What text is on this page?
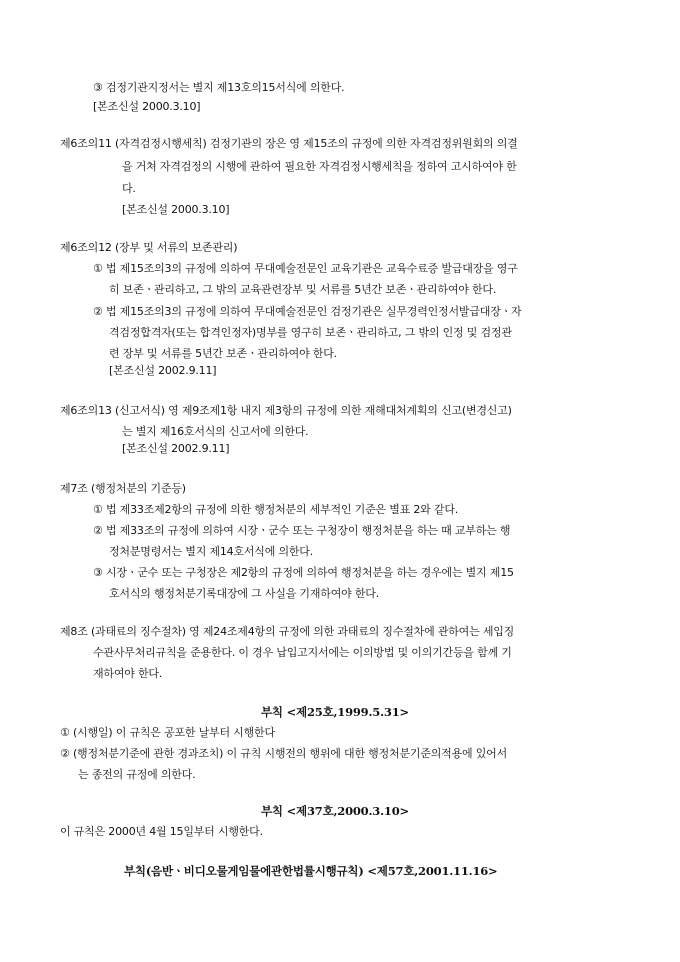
③ 검정기관지정서는 별지 제13호의15서식에 의한다.
[본조신설 2000.3.10]
제6조의11 (자격검정시행세칙) 검정기관의 장은 영 제15조의 규정에 의한 자격검정위원회의 의결
을 거쳐 자격검정의 시행에 관하여 필요한 자격검정시행세칙을 정하여 고시하여야 한
다.
[본조신설 2000.3.10]
제6조의12 (장부 및 서류의 보존관리)
① 법 제15조의3의 규정에 의하여 무대예술전문인 교육기관은 교육수료증 발급대장을 영구
히 보존ㆍ관리하고, 그 밖의 교육관련장부 및 서류를 5년간 보존ㆍ관리하여야 한다.
② 법 제15조의3의 규정에 의하여 무대예술전문인 검정기관은 실무경력인정서발급대장ㆍ자
격검정합격자(또는 합격인정자)명부를 영구히 보존ㆍ관리하고, 그 밖의 인정 및 검정관
련 장부 및 서류를 5년간 보존ㆍ관리하여야 한다.
[본조신설 2002.9.11]
제6조의13 (신고서식) 영 제9조제1항 내지 제3항의 규정에 의한 재해대처계획의 신고(변경신고)
는 별지 제16호서식의 신고서에 의한다.
[본조신설 2002.9.11]
제7조 (행정처분의 기준등)
① 법 제33조제2항의 규정에 의한 행정처분의 세부적인 기준은 별표 2와 같다.
② 법 제33조의 규정에 의하여 시장ㆍ군수 또는 구청장이 행정처분을 하는 때 교부하는 행
정처분명령서는 별지 제14호서식에 의한다.
③ 시장ㆍ군수 또는 구청장은 제2항의 규정에 의하여 행정처분을 하는 경우에는 별지 제15
호서식의 행정처분기록대장에 그 사실을 기재하여야 한다.
제8조 (과태료의 징수절차) 영 제24조제4항의 규정에 의한 과태료의 징수절차에 관하여는 세입징
수관사무처리규칙을 준용한다. 이 경우 납입고지서에는 이의방법 및 이의기간등을 함께 기
재하여야 한다.
부칙 <제25호,1999.5.31>
① (시행일) 이 규칙은 공포한 날부터 시행한다
② (행정처분기준에 관한 경과조치) 이 규칙 시행전의 행위에 대한 행정처분기준의적용에 있어서
는 종전의 규정에 의한다.
부칙 <제37호,2000.3.10>
이 규칙은 2000년 4월 15일부터 시행한다.
부칙(음반ㆍ비디오물게임물에관한법률시행규칙) <제57호,2001.11.16>
